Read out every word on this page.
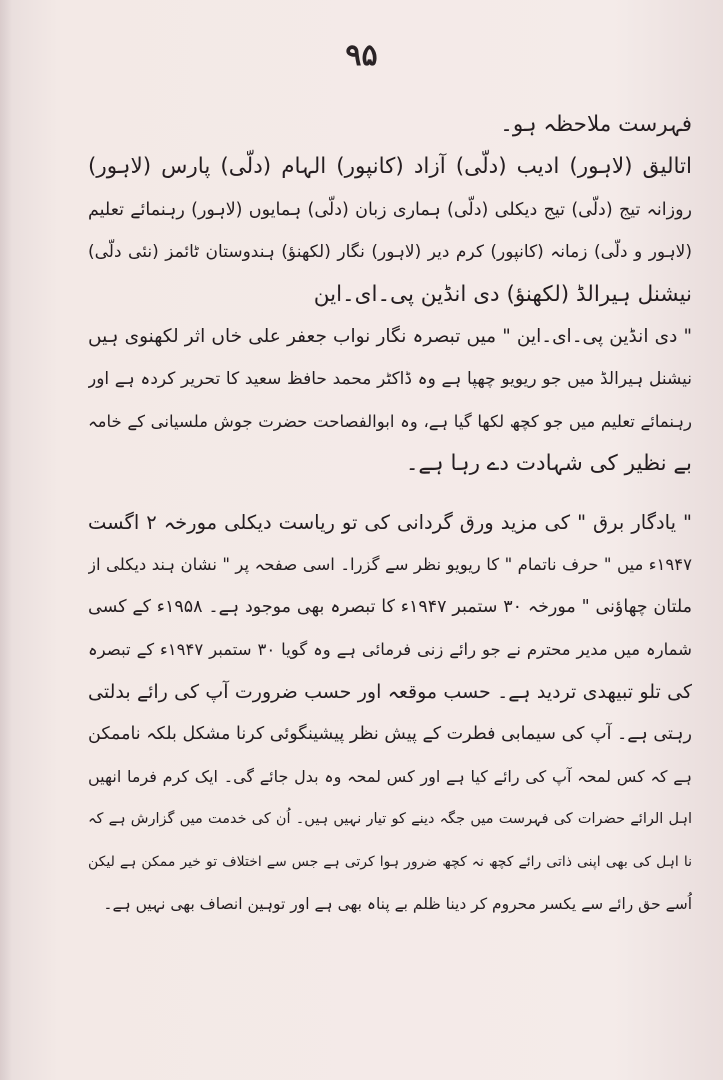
۹۵
فہرست ملاحظہ ہو۔
اتالیق (لاہور) ادیب (دلّی) آزاد (کانپور) الہام (دلّی) پارس (لاہور)
روزانہ تیج (دلّی) تیج دیکلی (دلّی) ہماری زبان (دلّی) ہمایوں (لاہور) رہنمائے تعلیم
(لاہور و دلّی) زمانہ (کانپور) کرم دیر (لاہور) نگار (لکھنؤ) ہندوستان ٹائمز (نئی دلّی)
نیشنل ہیرالڈ (لکھنؤ) دی انڈین پی۔ای۔این
" دی انڈین پی۔ای۔این " میں تبصرہ نگار نواب جعفر علی خاں اثر لکھنوی ہیں
نیشنل ہیرالڈ میں جو ریویو چھپا ہے وہ ڈاکٹر محمد حافظ سعید کا تحریر کردہ ہے اور
رہنمائے تعلیم میں جو کچھ لکھا گیا ہے، وہ ابوالفصاحت حضرت جوش ملسیانی کے خامہ
بے نظیر کی شہادت دے رہا ہے۔
" یادگار برق " کی مزید ورق گردانی کی تو ریاست دیکلی مورخہ ۲ اگست
۱۹۴۷ء میں " حرف ناتمام " کا ریویو نظر سے گزرا۔ اسی صفحہ پر " نشان ہند دیکلی از
ملتان چھاؤنی " مورخہ ۳۰ ستمبر ۱۹۴۷ء کا تبصرہ بھی موجود ہے۔ ۱۹۵۸ء کے کسی
شمارہ میں مدیر محترم نے جو رائے زنی فرمائی ہے وہ گویا ۳۰ ستمبر ۱۹۴۷ء کے تبصرہ
کی تلو تبیھدی تردید ہے۔ حسب موقعہ اور حسب ضرورت آپ کی رائے بدلتی
رہتی ہے۔ آپ کی سیمابی فطرت کے پیش نظر پیشینگوئی کرنا مشکل بلکہ ناممکن
ہے کہ کس لمحہ آپ کی رائے کیا ہے اور کس لمحہ وہ بدل جائے گی۔ ایک کرم فرما انھیں
اہل الرائے حضرات کی فہرست میں جگہ دینے کو تیار نہیں ہیں۔ اُن کی خدمت میں گزارش ہے کہ
نا اہل کی بھی اپنی ذاتی رائے کچھ نہ کچھ ضرور ہوا کرتی ہے جس سے اختلاف تو خیر ممکن ہے لیکن
اُسے حق رائے سے یکسر محروم کر دینا ظلم بے پناہ بھی ہے اور توہین انصاف بھی نہیں ہے۔
